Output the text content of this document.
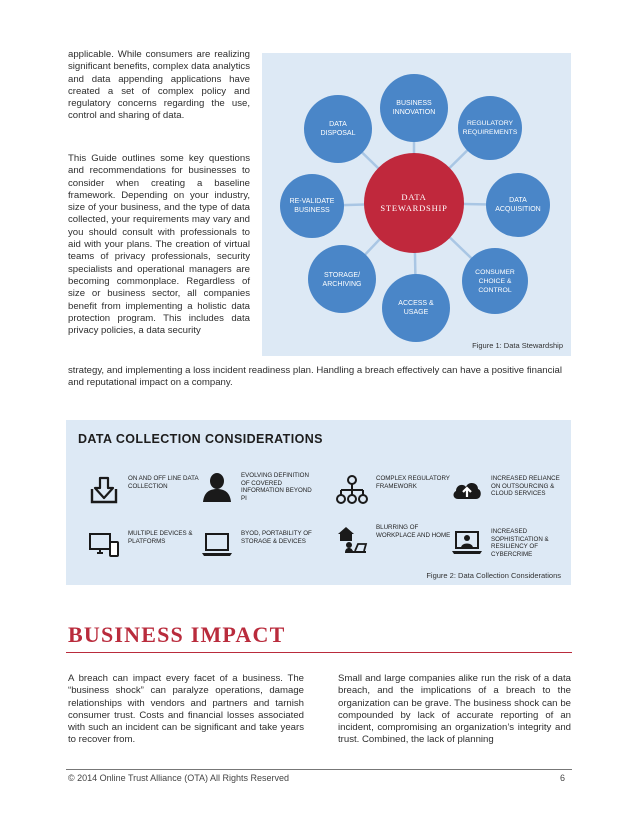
applicable. While consumers are realizing significant benefits, complex data analytics and data appending applications have created a set of complex policy and regulatory concerns regarding the use, control and sharing of data.

This Guide outlines some key questions and recommendations for businesses to consider when creating a baseline framework. Depending on your industry, size of your business, and the type of data collected, your requirements may vary and you should consult with professionals to aid with your plans. The creation of virtual teams of privacy professionals, security specialists and operational managers are becoming commonplace. Regardless of size or business sector, all companies benefit from implementing a holistic data protection program. This includes data privacy policies, a data security

strategy, and implementing a loss incident readiness plan. Handling a breach effectively can have a positive financial and reputational impact on a company.

BUSINESS
INNOVATION
REGULATORY
REQUIREMENTS
DATA
ACQUISITION
CONSUMER
CHOICE &
CONTROL
ACCESS &
USAGE
STORAGE/
ARCHIVING
RE-VALIDATE
BUSINESS
DATA
DISPOSAL
DATA
STEWARDSHIP
Figure 1: Data Stewardship
DATA COLLECTION CONSIDERATIONS
ON AND OFF LINE DATA COLLECTION
EVOLVING DEFINITION OF COVERED INFORMATION BEYOND PI
COMPLEX REGULATORY FRAMEWORK
INCREASED RELIANCE ON OUTSOURCING & CLOUD SERVICES
MULTIPLE DEVICES & PLATFORMS
BYOD, PORTABILITY OF STORAGE & DEVICES
BLURRING OF WORKPLACE AND HOME
INCREASED SOPHISTICATION & RESILIENCY OF CYBERCRIME
Figure 2: Data Collection Considerations
BUSINESS IMPACT

A breach can impact every facet of a business. The “business shock” can paralyze operations, damage relationships with vendors and partners and tarnish consumer trust. Costs and financial losses associated with such an incident can be significant and take years to recover from.

Small and large companies alike run the risk of a data breach, and the implications of a breach to the organization can be grave. The business shock can be compounded by lack of accurate reporting of an incident, compromising an organization’s integrity and trust. Combined, the lack of planning

© 2014 Online Trust Alliance (OTA) All Rights Reserved	6
